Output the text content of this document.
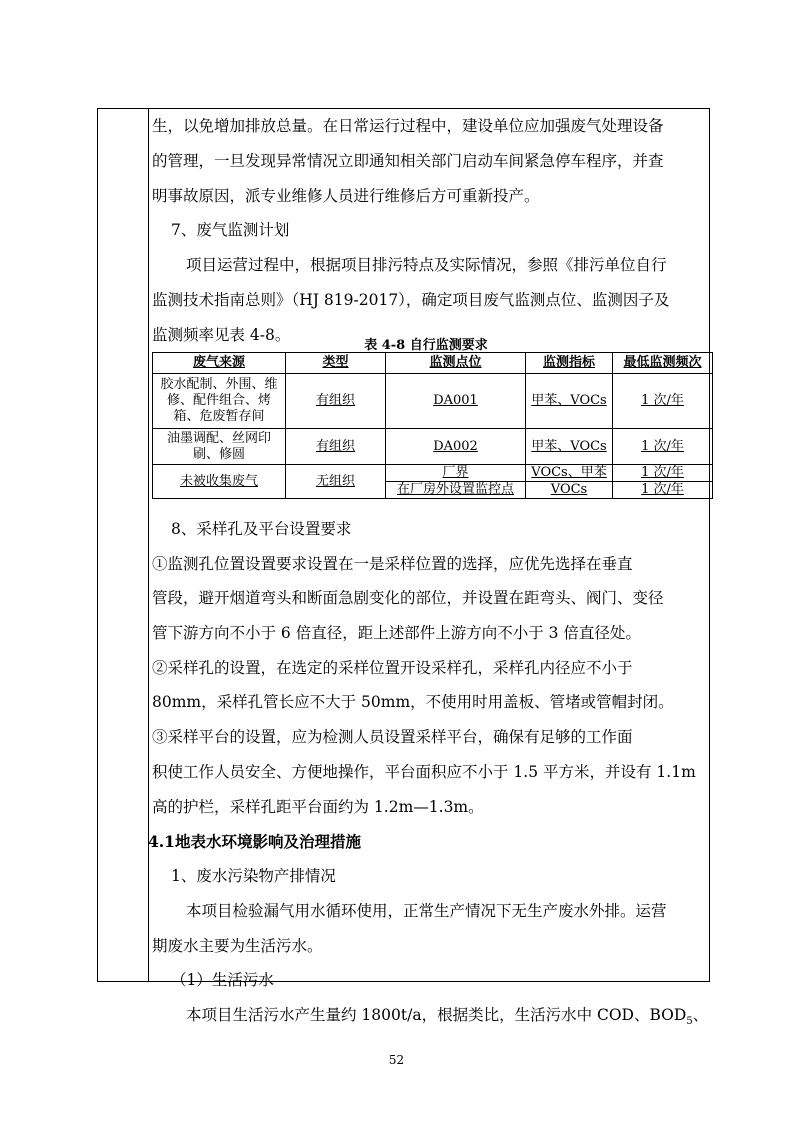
生，以免增加排放总量。在日常运行过程中，建设单位应加强废气处理设备
的管理，一旦发现异常情况立即通知相关部门启动车间紧急停车程序，并查
明事故原因，派专业维修人员进行维修后方可重新投产。
7、废气监测计划
项目运营过程中，根据项目排污特点及实际情况，参照《排污单位自行
监测技术指南总则》（HJ 819-2017），确定项目废气监测点位、监测因子及
监测频率见表 4-8。
表 4-8 自行监测要求
废气来源	类型	监测点位	监测指标	最低监测频次
胶水配制、外围、维修、配件组合、烤箱、危废暂存间	有组织	DA001	甲苯、VOCs	1 次/年
油墨调配、丝网印刷、修圆	有组织	DA002	甲苯、VOCs	1 次/年
未被收集废气	无组织	厂界	VOCs、甲苯	1 次/年
		在厂房外设置监控点	VOCs	1 次/年
8、采样孔及平台设置要求
①监测孔位置设置要求设置在一是采样位置的选择，应优先选择在垂直
管段，避开烟道弯头和断面急剧变化的部位，并设置在距弯头、阀门、变径
管下游方向不小于 6 倍直径，距上述部件上游方向不小于 3 倍直径处。
②采样孔的设置，在选定的采样位置开设采样孔，采样孔内径应不小于
80mm，采样孔管长应不大于 50mm，不使用时用盖板、管堵或管帽封闭。
③采样平台的设置，应为检测人员设置采样平台，确保有足够的工作面
积使工作人员安全、方便地操作，平台面积应不小于 1.5 平方米，并设有 1.1m
高的护栏，采样孔距平台面约为 1.2m—1.3m。
4.1地表水环境影响及治理措施
1、废水污染物产排情况
本项目检验漏气用水循环使用，正常生产情况下无生产废水外排。运营
期废水主要为生活污水。
（1）生活污水
本项目生活污水产生量约 1800t/a，根据类比，生活污水中 COD、$BOD_5$、
52
